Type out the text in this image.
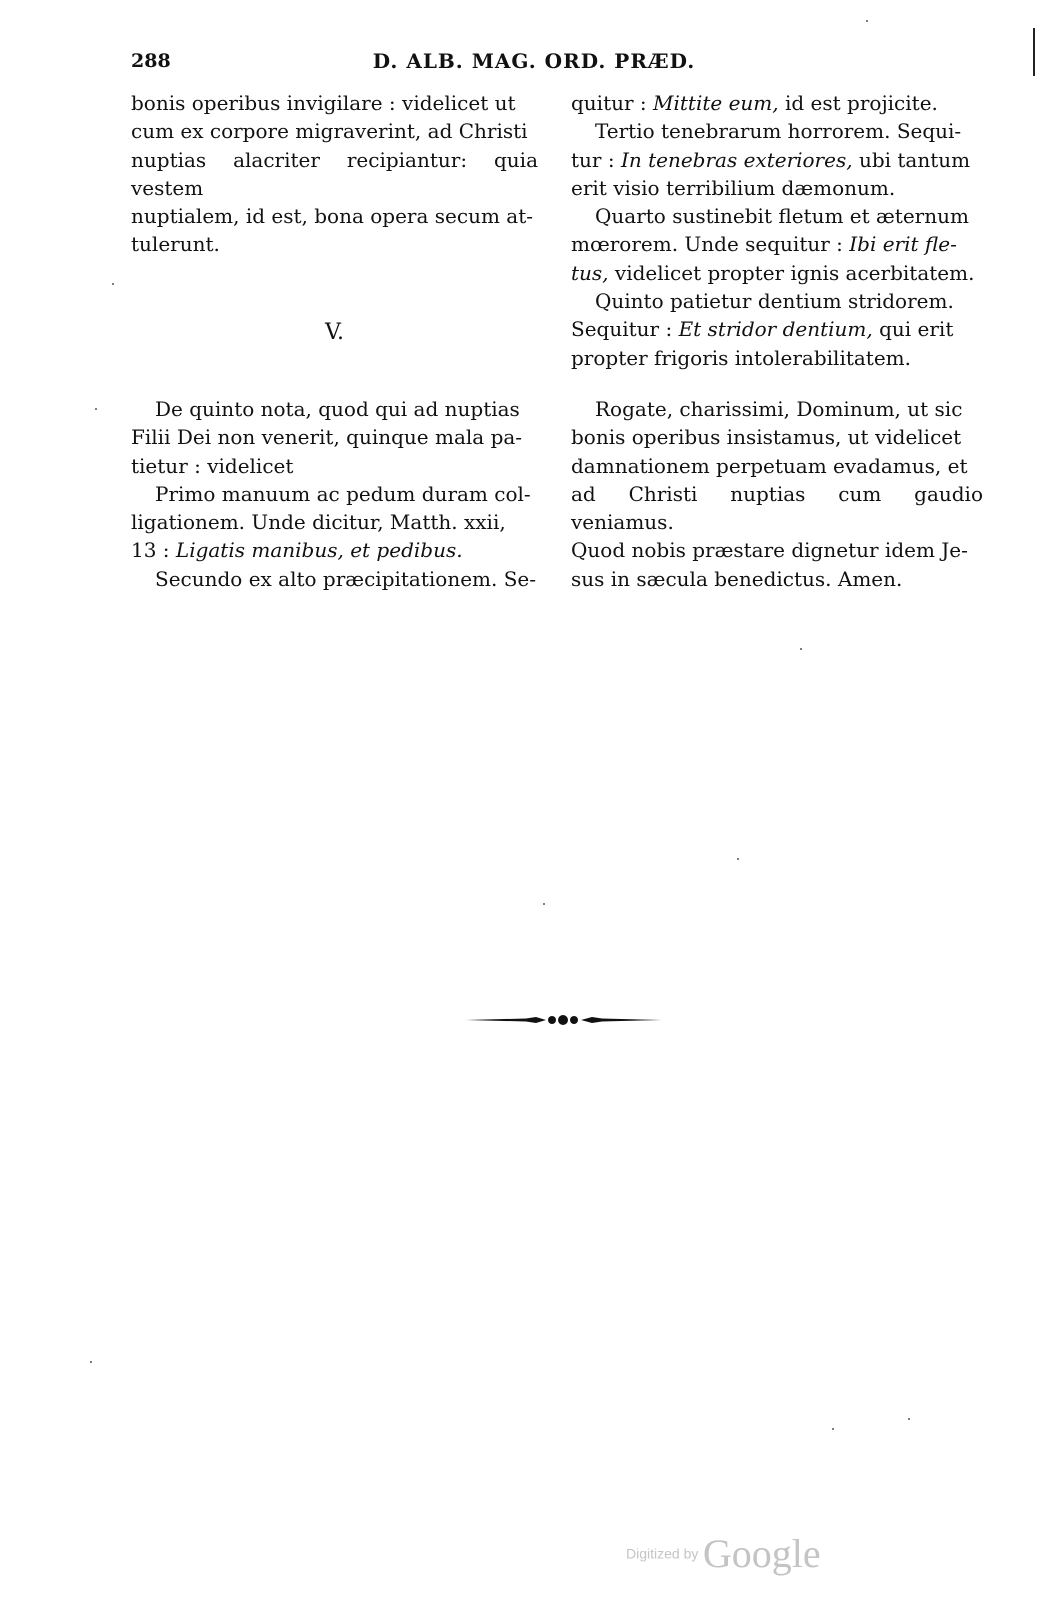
288	D. ALB. MAG. ORD. PRÆD.

bonis operibus invigilare : videlicet ut

cum ex corpore migraverint, ad Christi

nuptias alacriter recipiantur: quia vestem

nuptialem, id est, bona opera secum at-

tulerunt.

V.

De quinto nota, quod qui ad nuptias

Filii Dei non venerit, quinque mala pa-

tietur : videlicet

Primo manuum ac pedum duram col-

ligationem. Unde dicitur, Matth. xxii,

13 : Ligatis manibus, et pedibus.

Secundo ex alto præcipitationem. Se-

quitur : Mittite eum, id est projicite.

Tertio tenebrarum horrorem. Sequi-

tur : In tenebras exteriores, ubi tantum

erit visio terribilium dæmonum.

Quarto sustinebit fletum et æternum

mœrorem. Unde sequitur : Ibi erit fle-

tus, videlicet propter ignis acerbitatem.

Quinto patietur dentium stridorem.

Sequitur : Et stridor dentium, qui erit

propter frigoris intolerabilitatem.

Rogate, charissimi, Dominum, ut sic

bonis operibus insistamus, ut videlicet

damnationem perpetuam evadamus, et

ad Christi nuptias cum gaudio veniamus.

Quod nobis præstare dignetur idem Je-

sus in sæcula benedictus. Amen.

Digitized by Google
